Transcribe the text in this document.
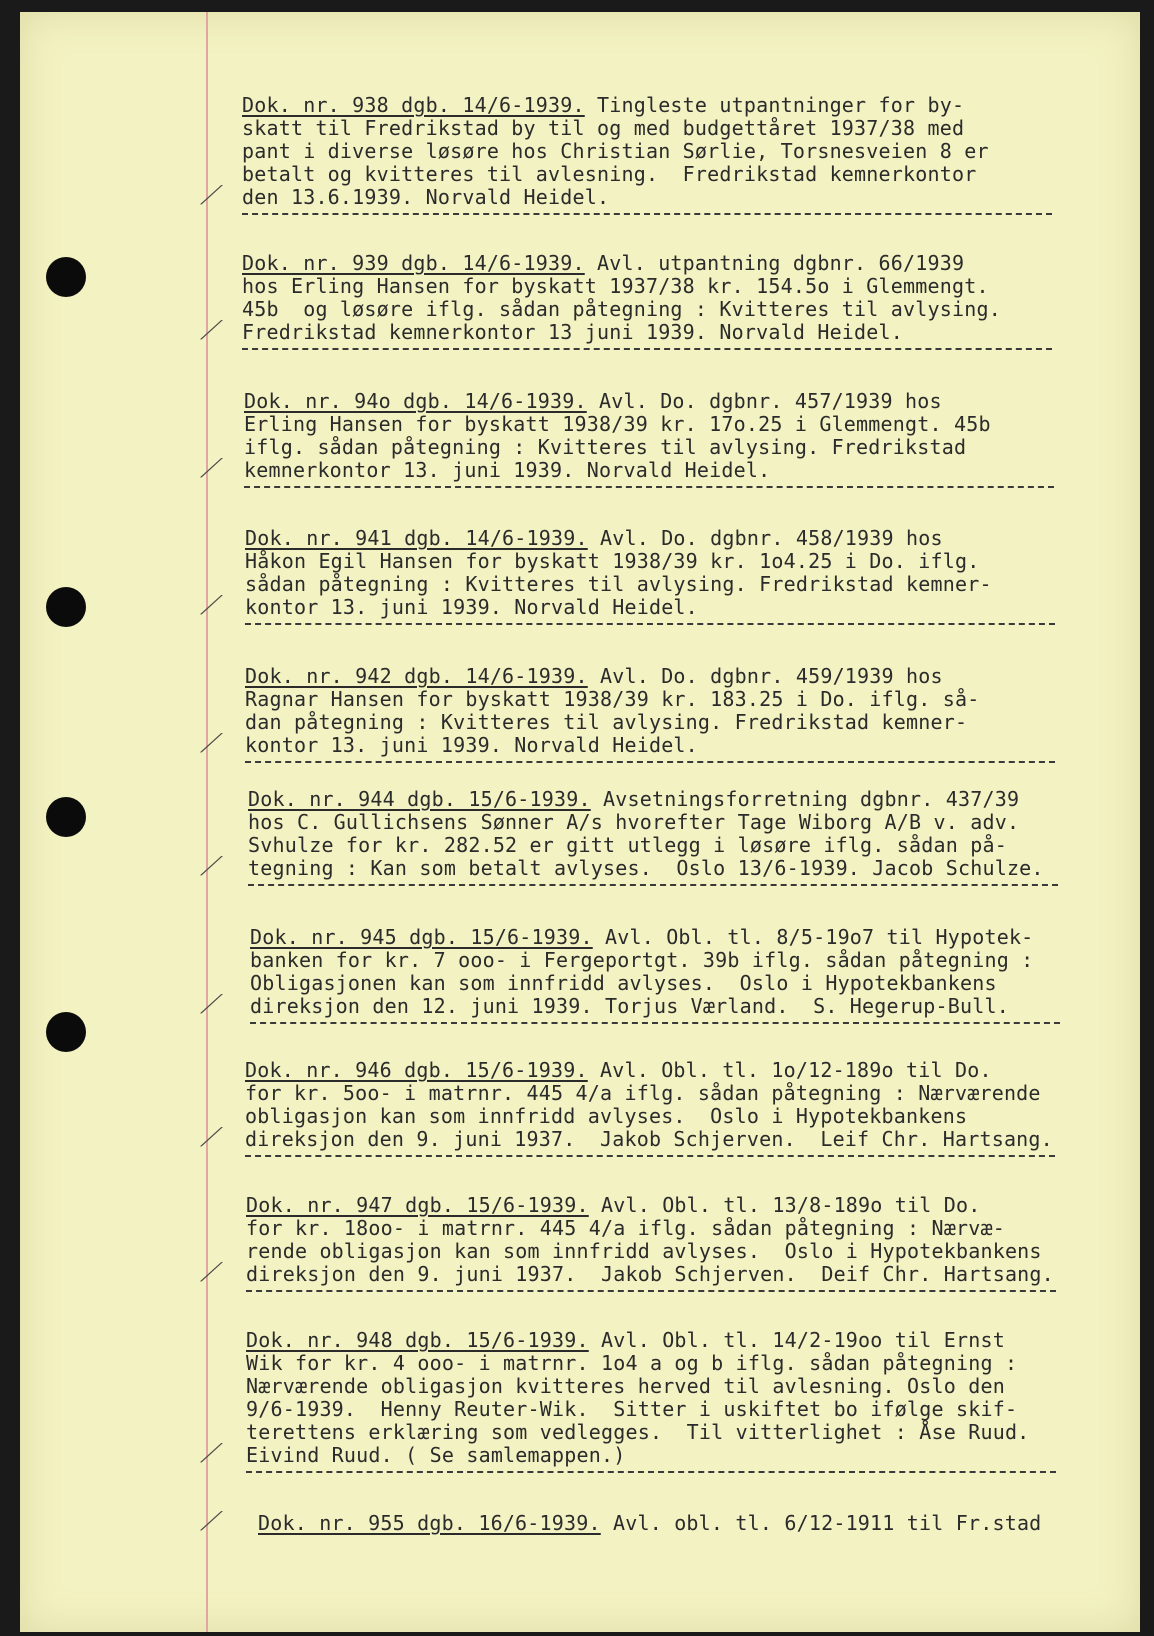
Dok. nr. 938 dgb. 14/6-1939. Tingleste utpantninger for by-
skatt til Fredrikstad by til og med budgettåret 1937/38 med
pant i diverse løsøre hos Christian Sørlie, Torsnesveien 8 er
betalt og kvitteres til avlesning.  Fredrikstad kemnerkontor
den 13.6.1939. Norvald Heidel.
⟋
Dok. nr. 939 dgb. 14/6-1939. Avl. utpantning dgbnr. 66/1939
hos Erling Hansen for byskatt 1937/38 kr. 154.5o i Glemmengt.
45b  og løsøre iflg. sådan påtegning : Kvitteres til avlysing.
Fredrikstad kemnerkontor 13 juni 1939. Norvald Heidel.
⟋
Dok. nr. 94o dgb. 14/6-1939. Avl. Do. dgbnr. 457/1939 hos
Erling Hansen for byskatt 1938/39 kr. 17o.25 i Glemmengt. 45b
iflg. sådan påtegning : Kvitteres til avlysing. Fredrikstad
kemnerkontor 13. juni 1939. Norvald Heidel.
⟋
Dok. nr. 941 dgb. 14/6-1939. Avl. Do. dgbnr. 458/1939 hos
Håkon Egil Hansen for byskatt 1938/39 kr. 1o4.25 i Do. iflg.
sådan påtegning : Kvitteres til avlysing. Fredrikstad kemner-
kontor 13. juni 1939. Norvald Heidel.
⟋
Dok. nr. 942 dgb. 14/6-1939. Avl. Do. dgbnr. 459/1939 hos
Ragnar Hansen for byskatt 1938/39 kr. 183.25 i Do. iflg. så-
dan påtegning : Kvitteres til avlysing. Fredrikstad kemner-
kontor 13. juni 1939. Norvald Heidel.
⟋
Dok. nr. 944 dgb. 15/6-1939. Avsetningsforretning dgbnr. 437/39
hos C. Gullichsens Sønner A/s hvorefter Tage Wiborg A/B v. adv.
Svhulze for kr. 282.52 er gitt utlegg i løsøre iflg. sådan på-
tegning : Kan som betalt avlyses.  Oslo 13/6-1939. Jacob Schulze.
⟋
Dok. nr. 945 dgb. 15/6-1939. Avl. Obl. tl. 8/5-19o7 til Hypotek-
banken for kr. 7 ooo- i Fergeportgt. 39b iflg. sådan påtegning :
Obligasjonen kan som innfridd avlyses.  Oslo i Hypotekbankens
direksjon den 12. juni 1939. Torjus Værland.  S. Hegerup-Bull.
⟋
Dok. nr. 946 dgb. 15/6-1939. Avl. Obl. tl. 1o/12-189o til Do.
for kr. 5oo- i matrnr. 445 4/a iflg. sådan påtegning : Nærværende
obligasjon kan som innfridd avlyses.  Oslo i Hypotekbankens
direksjon den 9. juni 1937.  Jakob Schjerven.  Leif Chr. Hartsang.
⟋
Dok. nr. 947 dgb. 15/6-1939. Avl. Obl. tl. 13/8-189o til Do.
for kr. 18oo- i matrnr. 445 4/a iflg. sådan påtegning : Nærvæ-
rende obligasjon kan som innfridd avlyses.  Oslo i Hypotekbankens
direksjon den 9. juni 1937.  Jakob Schjerven.  Deif Chr. Hartsang.
⟋
Dok. nr. 948 dgb. 15/6-1939. Avl. Obl. tl. 14/2-19oo til Ernst
Wik for kr. 4 ooo- i matrnr. 1o4 a og b iflg. sådan påtegning :
Nærværende obligasjon kvitteres herved til avlesning. Oslo den
9/6-1939.  Henny Reuter-Wik.  Sitter i uskiftet bo ifølge skif-
terettens erklæring som vedlegges.  Til vitterlighet : Åse Ruud.
Eivind Ruud. ( Se samlemappen.)
⟋
Dok. nr. 955 dgb. 16/6-1939. Avl. obl. tl. 6/12-1911 til Fr.stad
⟋
